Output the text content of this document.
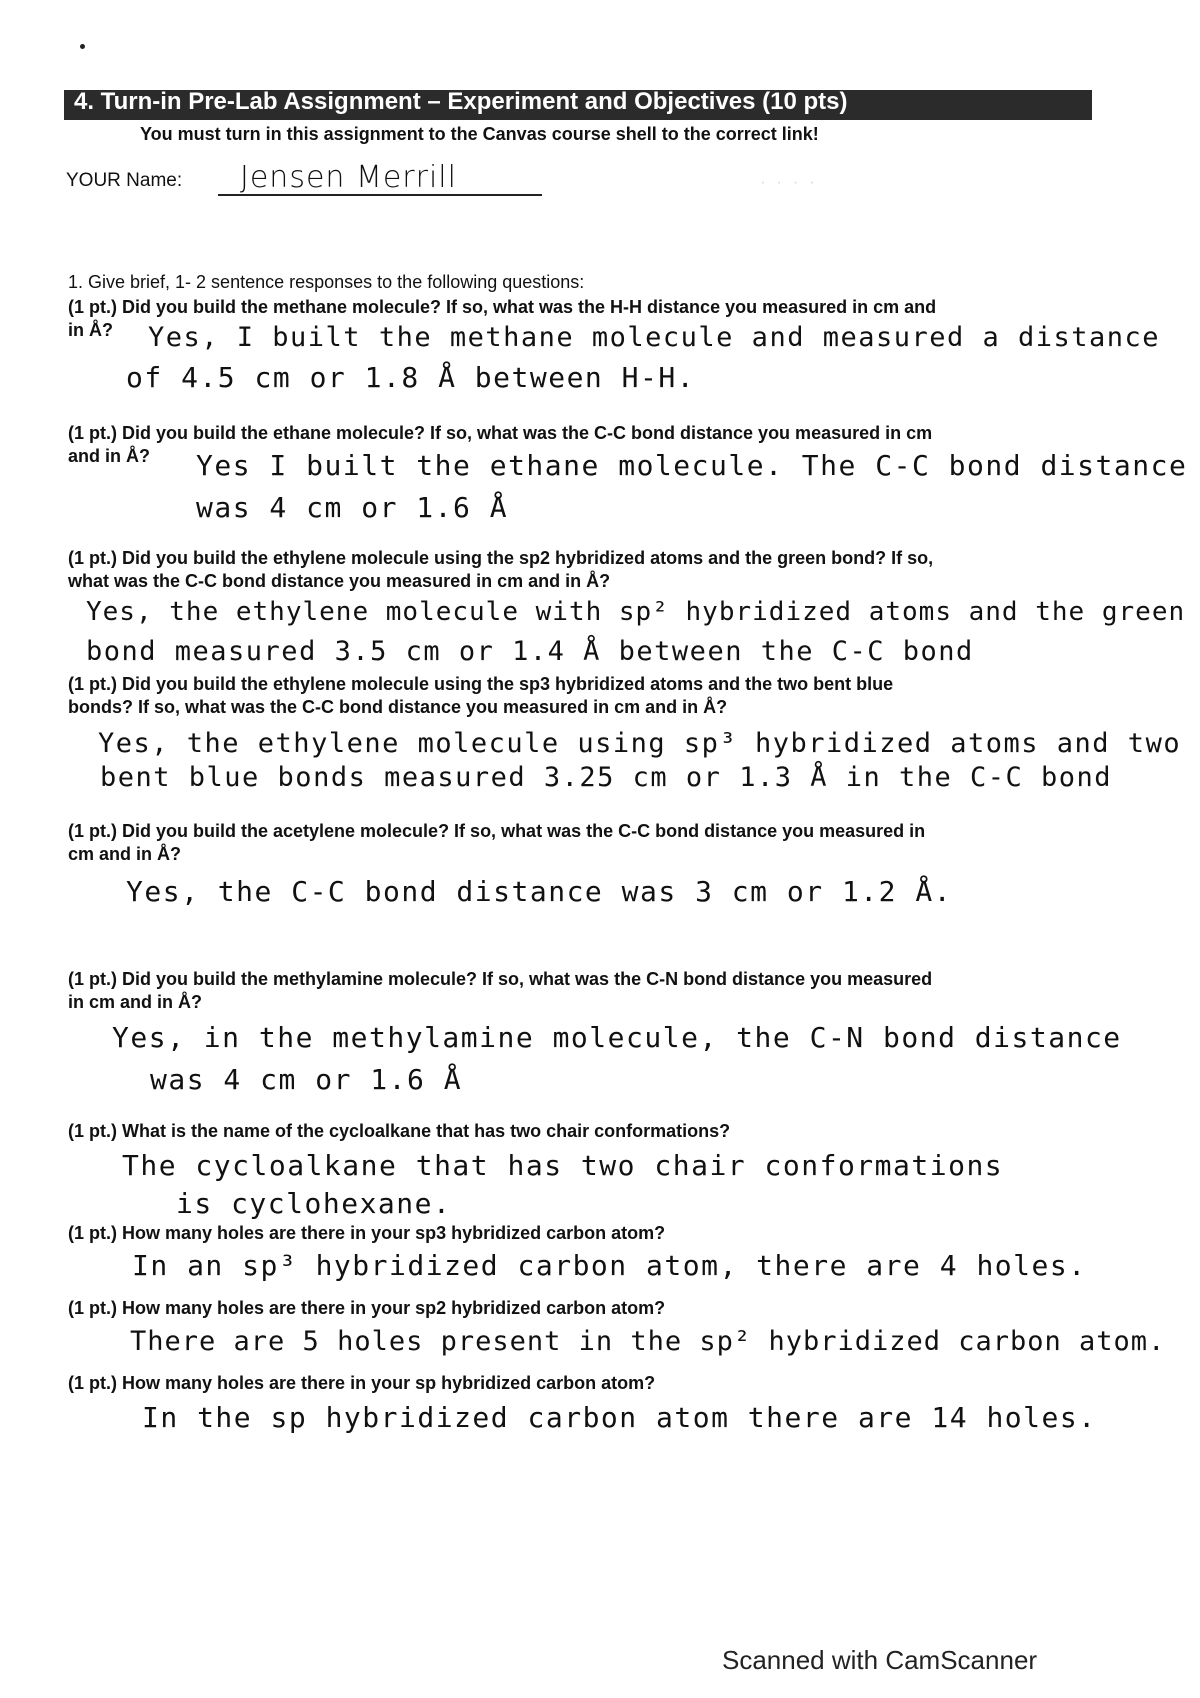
4. Turn-in Pre-Lab Assignment – Experiment and Objectives (10 pts)
You must turn in this assignment to the Canvas course shell to the correct link!
YOUR Name: Jensen Merrill	· · · ·
1. Give brief, 1- 2 sentence responses to the following questions:
(1 pt.) Did you build the methane molecule? If so, what was the H-H distance you measured in cm and
in Å?	Yes, I built the methane molecule and measured a distance
of 4.5 cm or 1.8 Å between H-H.
(1 pt.) Did you build the ethane molecule? If so, what was the C-C bond distance you measured in cm
and in Å?	Yes I built the ethane molecule. The C-C bond distance
was 4 cm or 1.6 Å
(1 pt.) Did you build the ethylene molecule using the sp2 hybridized atoms and the green bond? If so,
what was the C-C bond distance you measured in cm and in Å?
Yes, the ethylene molecule with sp² hybridized atoms and the green
bond measured 3.5 cm or 1.4 Å between the C-C bond
(1 pt.) Did you build the ethylene molecule using the sp3 hybridized atoms and the two bent blue
bonds? If so, what was the C-C bond distance you measured in cm and in Å?
Yes, the ethylene molecule using sp³ hybridized atoms and two
bent blue bonds measured 3.25 cm or 1.3 Å in the C-C bond
(1 pt.) Did you build the acetylene molecule? If so, what was the C-C bond distance you measured in
cm and in Å?
Yes, the C-C bond distance was 3 cm or 1.2 Å.
(1 pt.) Did you build the methylamine molecule? If so, what was the C-N bond distance you measured
in cm and in Å?
Yes, in the methylamine molecule, the C-N bond distance
was 4 cm or 1.6 Å
(1 pt.) What is the name of the cycloalkane that has two chair conformations?
The cycloalkane that has two chair conformations
is cyclohexane.
(1 pt.) How many holes are there in your sp3 hybridized carbon atom?
In an sp³ hybridized carbon atom, there are 4 holes.
(1 pt.) How many holes are there in your sp2 hybridized carbon atom?
There are 5 holes present in the sp² hybridized carbon atom.
(1 pt.) How many holes are there in your sp hybridized carbon atom?
In the sp hybridized carbon atom there are 14 holes.
Scanned with CamScanner
